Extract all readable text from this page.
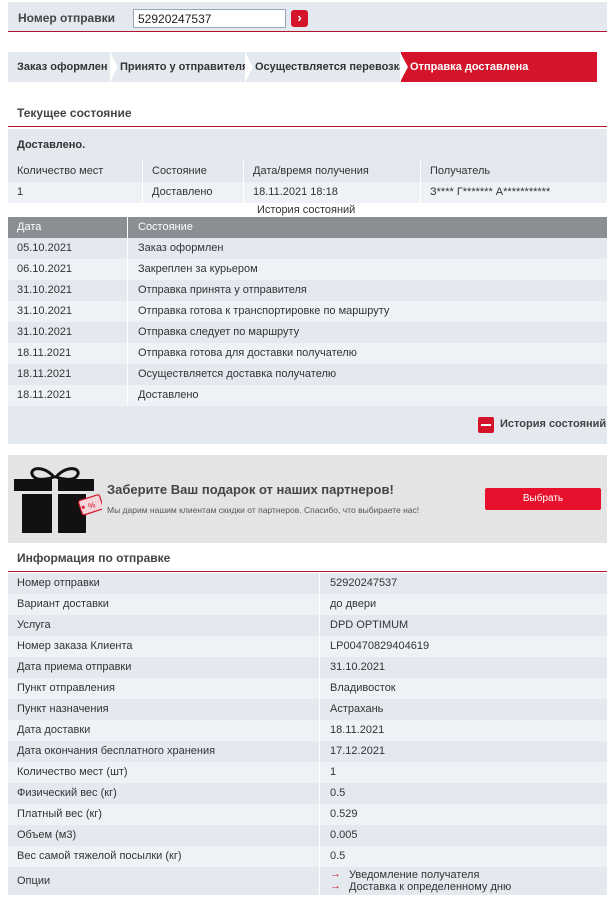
Номер отправки
52920247537	›
Заказ оформлен	Принято у отправителя Осуществляется перевозка Отправка доставлена
Текущее состояние
Доставлено.
Количество мест	Состояние	Дата/время получения	Получатель
1	Доставлено	18.11.2021 18:18	З**** Г******* А***********
История состояний
Дата	Состояние
05.10.2021	Заказ оформлен
06.10.2021	Закреплен за курьером
31.10.2021	Отправка принята у отправителя
31.10.2021	Отправка готова к транспортировке по маршруту
31.10.2021	Отправка следует по маршруту
18.11.2021	Отправка готова для доставки получателю
18.11.2021	Осуществляется доставка получателю
18.11.2021	Доставлено
История состояний
%
Заберите Ваш подарок от наших партнеров!
Мы дарим нашим клиентам скидки от партнеров. Спасибо, что выбираете нас!
Выбрать
Информация по отправке
Номер отправки	52920247537
Вариант доставки	до двери
Услуга	DPD OPTIMUM
Номер заказа Клиента	LP00470829404619
Дата приема отправки	31.10.2021
Пункт отправления	Владивосток
Пункт назначения	Астрахань
Дата доставки	18.11.2021
Дата окончания бесплатного хранения	17.12.2021
Количество мест (шт)	1
Физический вес (кг)	0.5
Платный вес (кг)	0.529
Объем (м3)	0.005
Вес самой тяжелой посылки (кг)	0.5
Опции
→ Уведомление получателя
→ Доставка к определенному дню
